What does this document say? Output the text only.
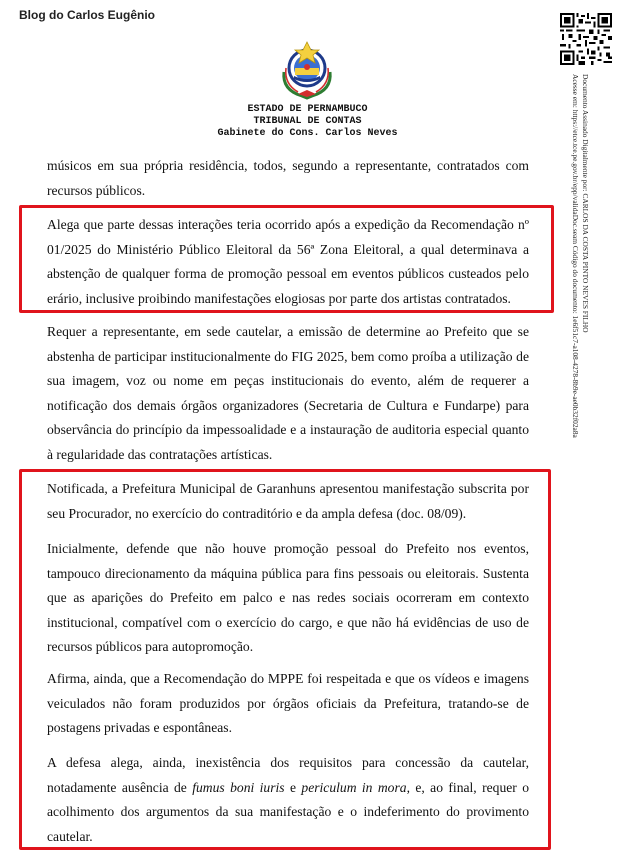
Blog do Carlos Eugênio
Documento Assinado Digitalmente por: CARLOS DA COSTA PINTO NEVES FILHO
Acesse em: https://etce.tce.pe.gov.br/epp/validaDoc.seam Código do documento: 1e6f51c7-a108-4278-8b9e-ae0b32f02a8a
ESTADO DE PERNAMBUCO
TRIBUNAL DE CONTAS
Gabinete do Cons. Carlos Neves

músicos em sua própria residência, todos, segundo a representante, contratados com recursos públicos.

Alega que parte dessas interações teria ocorrido após a expedição da Recomendação nº 01/2025 do Ministério Público Eleitoral da 56ª Zona Eleitoral, a qual determinava a abstenção de qualquer forma de promoção pessoal em eventos públicos custeados pelo erário, inclusive proibindo manifestações elogiosas por parte dos artistas contratados.

Requer a representante, em sede cautelar, a emissão de determine ao Prefeito que se abstenha de participar institucionalmente do FIG 2025, bem como proíba a utilização de sua imagem, voz ou nome em peças institucionais do evento, além de requerer a notificação dos demais órgãos organizadores (Secretaria de Cultura e Fundarpe) para observância do princípio da impessoalidade e a instauração de auditoria especial quanto à regularidade das contratações artísticas.

Notificada, a Prefeitura Municipal de Garanhuns apresentou manifestação subscrita por seu Procurador, no exercício do contraditório e da ampla defesa (doc. 08/09).

Inicialmente, defende que não houve promoção pessoal do Prefeito nos eventos, tampouco direcionamento da máquina pública para fins pessoais ou eleitorais. Sustenta que as aparições do Prefeito em palco e nas redes sociais ocorreram em contexto institucional, compatível com o exercício do cargo, e que não há evidências de uso de recursos públicos para autopromoção.

Afirma, ainda, que a Recomendação do MPPE foi respeitada e que os vídeos e imagens veiculados não foram produzidos por órgãos oficiais da Prefeitura, tratando-se de postagens privadas e espontâneas.

A defesa alega, ainda, inexistência dos requisitos para concessão da cautelar, notadamente ausência de fumus boni iuris e periculum in mora, e, ao final, requer o acolhimento dos argumentos da sua manifestação e o indeferimento do provimento cautelar.
